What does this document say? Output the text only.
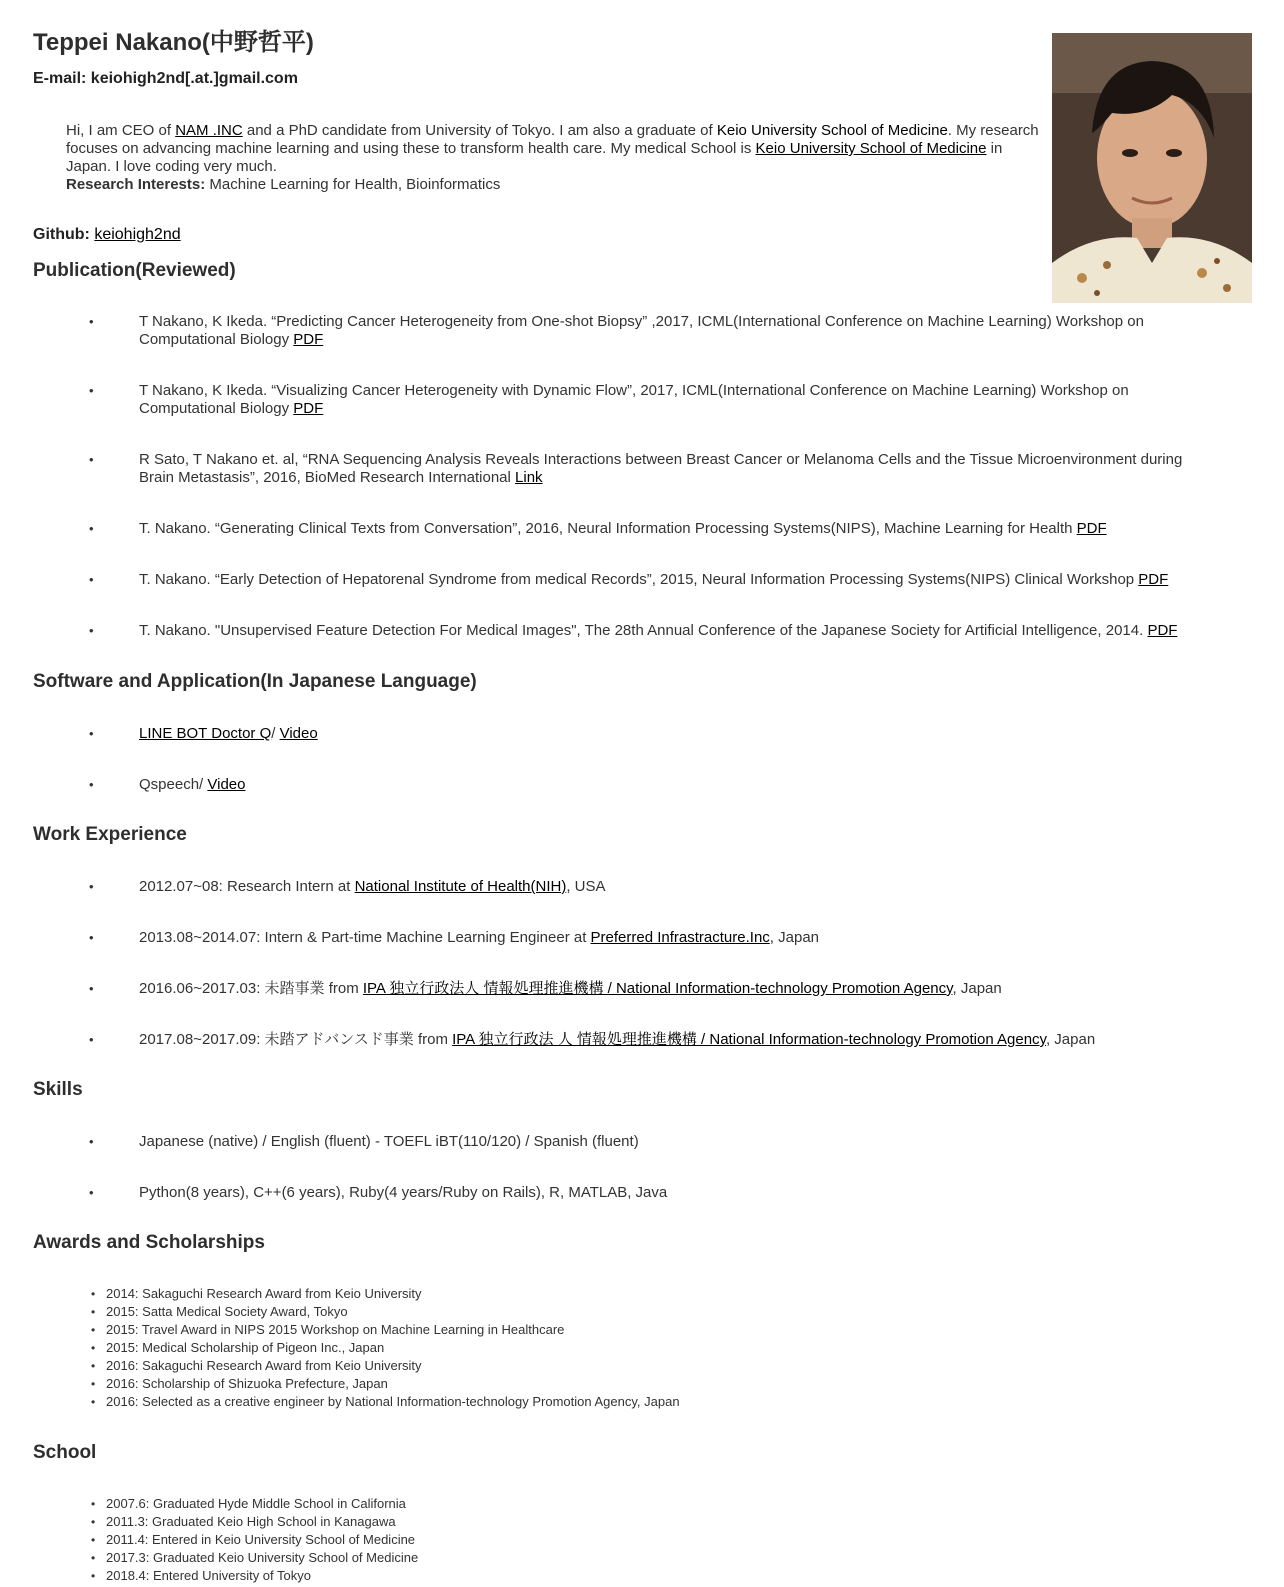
Teppei Nakano(中野哲平)

E-mail: keiohigh2nd[.at.]gmail.com

Hi, I am CEO of NAM .INC and a PhD candidate from University of Tokyo. I am also a graduate of Keio University School of Medicine. My research focuses on advancing machine learning and using these to transform health care. My medical School is Keio University School of Medicine in Japan. I love coding very much.
Research Interests: Machine Learning for Health, Bioinformatics
Github: keiohigh2nd
Publication(Reviewed)
• T Nakano, K Ikeda. “Predicting Cancer Heterogeneity from One-shot Biopsy” ,2017, ICML(International Conference on Machine Learning) Workshop on Computational Biology PDF
• T Nakano, K Ikeda. “Visualizing Cancer Heterogeneity with Dynamic Flow”, 2017, ICML(International Conference on Machine Learning) Workshop on Computational Biology PDF
• R Sato, T Nakano et. al, “RNA Sequencing Analysis Reveals Interactions between Breast Cancer or Melanoma Cells and the Tissue Microenvironment during Brain Metastasis”, 2016, BioMed Research International Link
• T. Nakano. “Generating Clinical Texts from Conversation”, 2016, Neural Information Processing Systems(NIPS), Machine Learning for Health PDF
• T. Nakano. “Early Detection of Hepatorenal Syndrome from medical Records”, 2015, Neural Information Processing Systems(NIPS) Clinical Workshop PDF
• T. Nakano. "Unsupervised Feature Detection For Medical Images", The 28th Annual Conference of the Japanese Society for Artificial Intelligence, 2014. PDF
Software and Application(In Japanese Language)
• LINE BOT Doctor Q/ Video
• Qspeech/ Video
Work Experience
• 2012.07~08: Research Intern at National Institute of Health(NIH), USA
• 2013.08~2014.07: Intern & Part-time Machine Learning Engineer at Preferred Infrastracture.Inc, Japan
• 2016.06~2017.03: 未踏事業 from IPA 独立行政法人 情報処理推進機構 / National Information-technology Promotion Agency, Japan
• 2017.08~2017.09: 未踏アドバンスド事業 from IPA 独立行政法 人 情報処理推進機構 / National Information-technology Promotion Agency, Japan
Skills
• Japanese (native) / English (fluent) - TOEFL iBT(110/120) / Spanish (fluent)
• Python(8 years), C++(6 years), Ruby(4 years/Ruby on Rails), R, MATLAB, Java
Awards and Scholarships
• 2014: Sakaguchi Research Award from Keio University
• 2015: Satta Medical Society Award, Tokyo
• 2015: Travel Award in NIPS 2015 Workshop on Machine Learning in Healthcare
• 2015: Medical Scholarship of Pigeon Inc., Japan
• 2016: Sakaguchi Research Award from Keio University
• 2016: Scholarship of Shizuoka Prefecture, Japan
• 2016: Selected as a creative engineer by National Information-technology Promotion Agency, Japan
School
• 2007.6: Graduated Hyde Middle School in California
• 2011.3: Graduated Keio High School in Kanagawa
• 2011.4: Entered in Keio University School of Medicine
• 2017.3: Graduated Keio University School of Medicine
• 2018.4: Entered University of Tokyo
